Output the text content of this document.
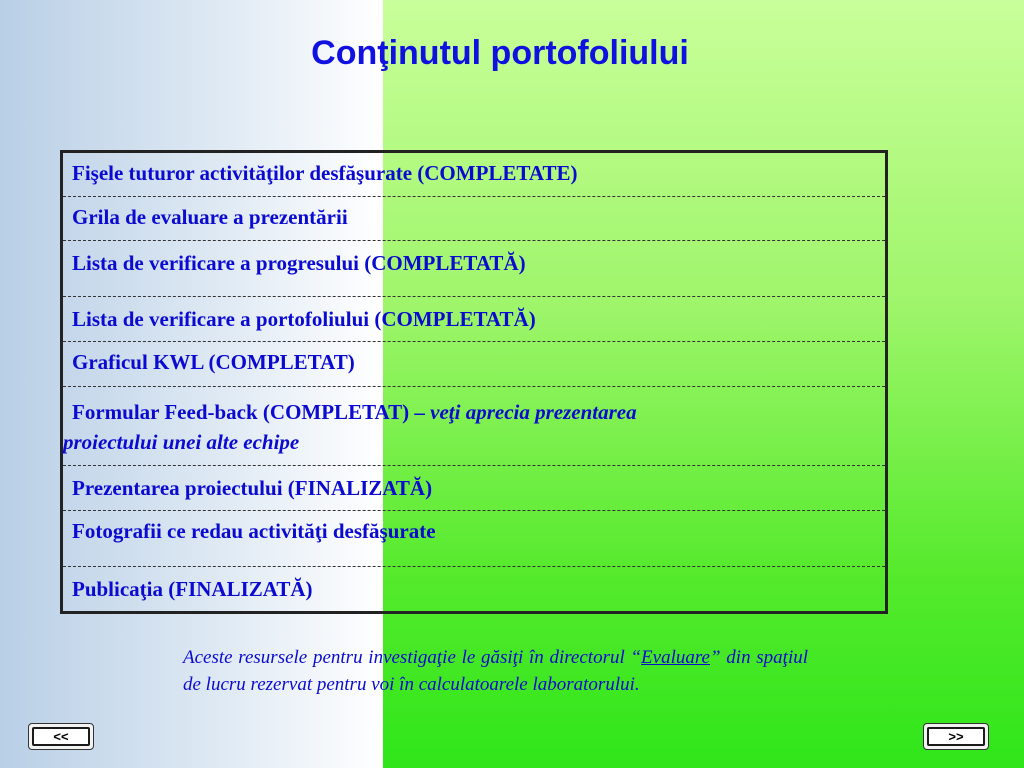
Conţinutul portofoliului
Fişele tuturor activităţilor desfăşurate (COMPLETATE)
Grila de evaluare a prezentării
Lista de verificare a progresului (COMPLETATĂ)
Lista de verificare a portofoliului (COMPLETATĂ)
Graficul KWL (COMPLETAT)
Formular Feed-back (COMPLETAT) – veţi aprecia prezentarea
proiectului unei alte echipe
Prezentarea proiectului (FINALIZATĂ)
Fotografii ce redau activităţi desfăşurate
Publicaţia (FINALIZATĂ)

Aceste resursele pentru investigaţie le găsiţi în directorul “Evaluare” din spaţiul de lucru rezervat pentru voi în calculatoarele laboratorului.

<<	>>
